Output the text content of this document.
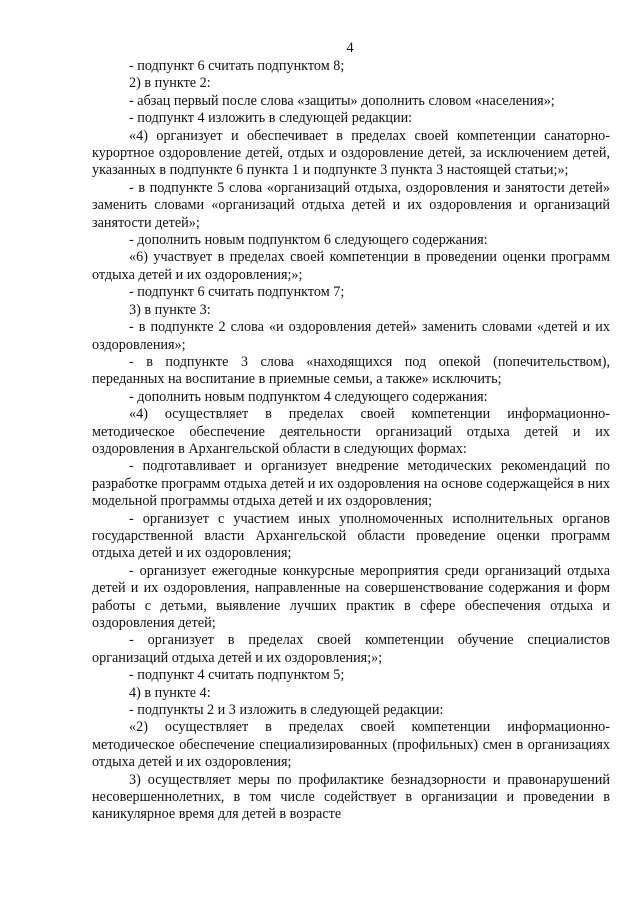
4

- подпункт 6 считать подпунктом 8;

2) в пункте 2:

- абзац первый после слова «защиты» дополнить словом «населения»;

- подпункт 4 изложить в следующей редакции:

«4) организует и обеспечивает в пределах своей компетенции санаторно-курортное оздоровление детей, отдых и оздоровление детей, за исключением детей, указанных в подпункте 6 пункта 1 и подпункте 3 пункта 3 настоящей статьи;»;

- в подпункте 5 слова «организаций отдыха, оздоровления и занятости детей» заменить словами «организаций отдыха детей и их оздоровления и организаций занятости детей»;

- дополнить новым подпунктом 6 следующего содержания:

«6) участвует в пределах своей компетенции в проведении оценки программ отдыха детей и их оздоровления;»;

- подпункт 6 считать подпунктом 7;

3) в пункте 3:

- в подпункте 2 слова «и оздоровления детей» заменить словами «детей и их оздоровления»;

- в подпункте 3 слова «находящихся под опекой (попечительством), переданных на воспитание в приемные семьи, а также» исключить;

- дополнить новым подпунктом 4 следующего содержания:

«4) осуществляет в пределах своей компетенции информационно-методическое обеспечение деятельности организаций отдыха детей и их оздоровления в Архангельской области в следующих формах:

- подготавливает и организует внедрение методических рекомендаций по разработке программ отдыха детей и их оздоровления на основе содержащейся в них модельной программы отдыха детей и их оздоровления;

- организует с участием иных уполномоченных исполнительных органов государственной власти Архангельской области проведение оценки программ отдыха детей и их оздоровления;

- организует ежегодные конкурсные мероприятия среди организаций отдыха детей и их оздоровления, направленные на совершенствование содержания и форм работы с детьми, выявление лучших практик в сфере обеспечения отдыха и оздоровления детей;

- организует в пределах своей компетенции обучение специалистов организаций отдыха детей и их оздоровления;»;

- подпункт 4 считать подпунктом 5;

4) в пункте 4:

- подпункты 2 и 3 изложить в следующей редакции:

«2) осуществляет в пределах своей компетенции информационно-методическое обеспечение специализированных (профильных) смен в организациях отдыха детей и их оздоровления;

3) осуществляет меры по профилактике безнадзорности и правонарушений несовершеннолетних, в том числе содействует в организации и проведении в каникулярное время для детей в возрасте
